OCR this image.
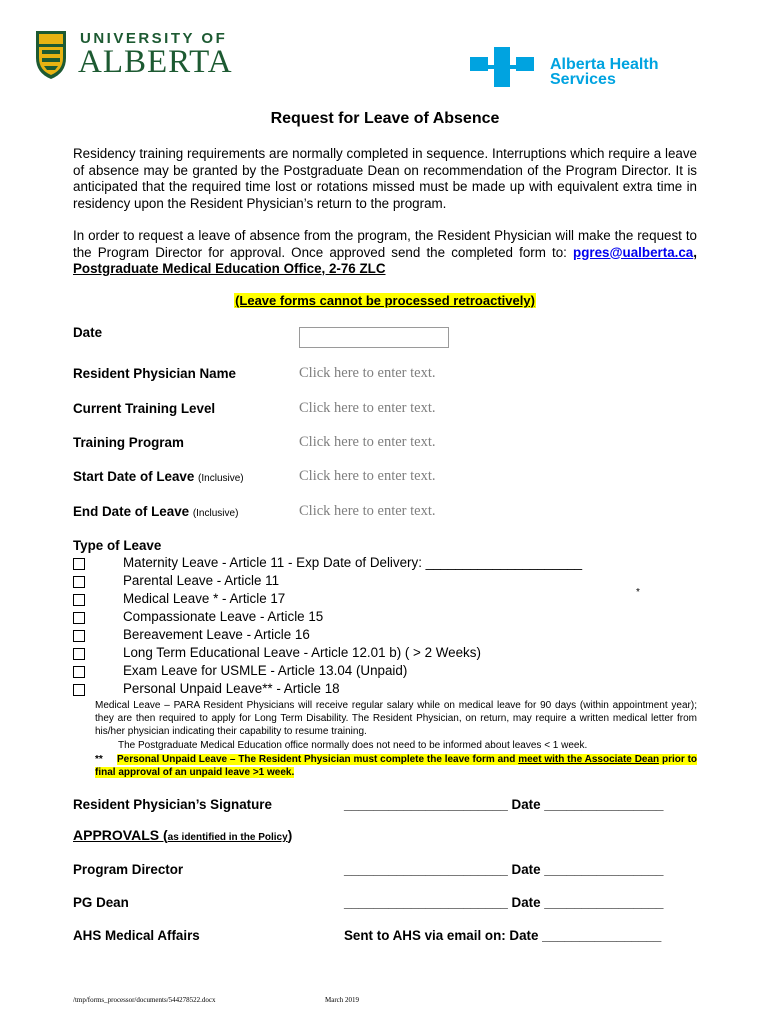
UNIVERSITY OF
ALBERTA	Alberta Health
Services
Request for Leave of Absence
Residency training requirements are normally completed in sequence. Interruptions which require a leave of absence may be granted by the Postgraduate Dean on recommendation of the Program Director. It is anticipated that the required time lost or rotations missed must be made up with equivalent extra time in residency upon the Resident Physician’s return to the program.
In order to request a leave of absence from the program, the Resident Physician will make the request to the Program Director for approval. Once approved send the completed form to: pgres@ualberta.ca, Postgraduate Medical Education Office, 2-76 ZLC
(Leave forms cannot be processed retroactively)
Date
Resident Physician Name	Click here to enter text.
Current Training Level	Click here to enter text.
Training Program	Click here to enter text.
Start Date of Leave (Inclusive)	Click here to enter text.
End Date of Leave (Inclusive)	Click here to enter text.
Type of Leave
Maternity Leave - Article 11 - Exp Date of Delivery: _____________________
Parental Leave - Article 11
Medical Leave * - Article 17	*
Compassionate Leave - Article 15
Bereavement Leave - Article 16
Long Term Educational Leave - Article 12.01 b) ( > 2 Weeks)
Exam Leave for USMLE - Article 13.04 (Unpaid)
Personal Unpaid Leave** - Article 18
Medical Leave – PARA Resident Physicians will receive regular salary while on medical leave for 90 days (within appointment year); they are then required to apply for Long Term Disability. The Resident Physician, on return, may require a written medical letter from his/her physician indicating their capability to resume training.
The Postgraduate Medical Education office normally does not need to be informed about leaves < 1 week.
** Personal Unpaid Leave – The Resident Physician must complete the leave form and meet with the Associate Dean prior to final approval of an unpaid leave >1 week.
Resident Physician’s Signature	______________________ Date ________________
APPROVALS (as identified in the Policy)
Program Director	______________________ Date ________________
PG Dean	______________________ Date ________________
AHS Medical Affairs	Sent to AHS via email on: Date ________________
/tmp/forms_processor/documents/544278522.docx	March 2019
